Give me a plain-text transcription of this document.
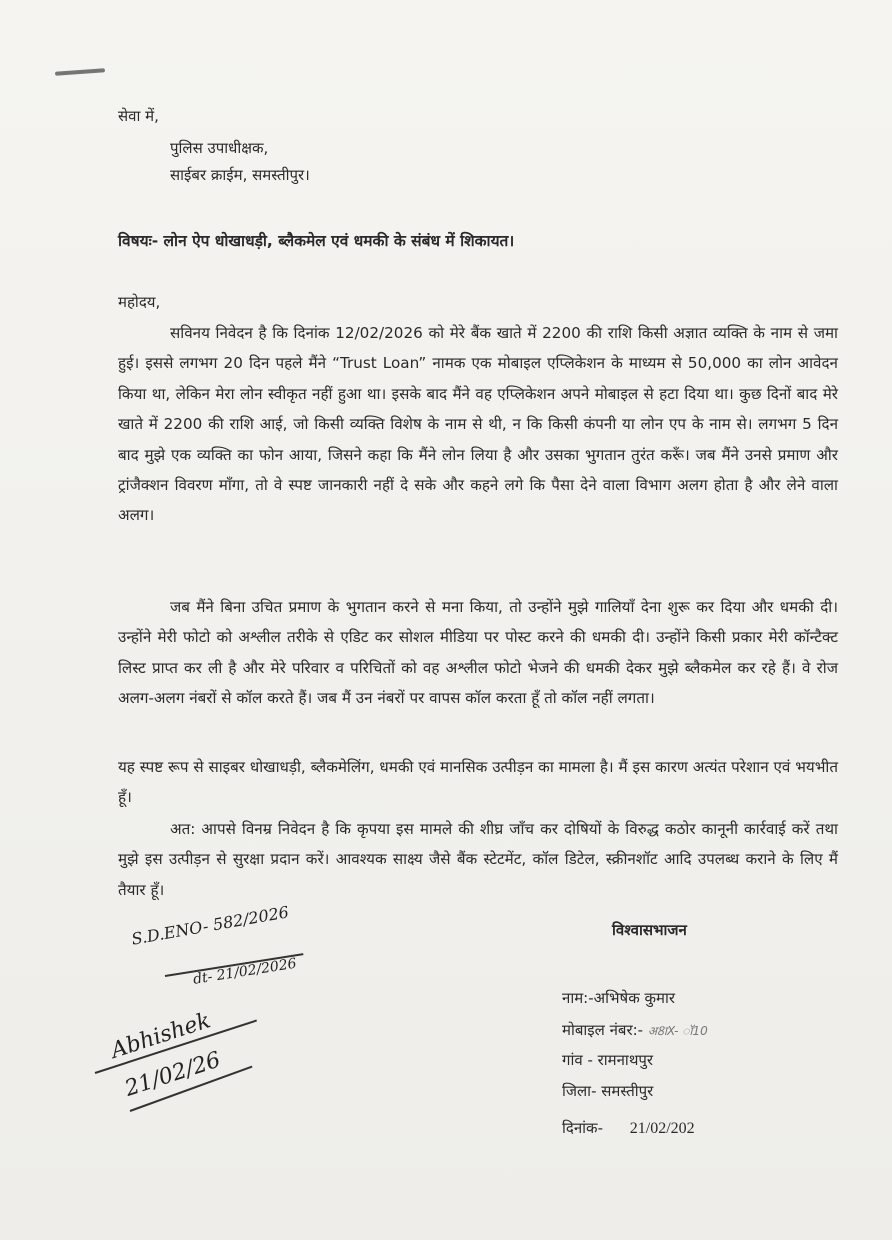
सेवा में,
पुलिस उपाधीक्षक,
साईबर क्राईम, समस्तीपुर।
विषयः- लोन ऐप धोखाधड़ी, ब्लैकमेल एवं धमकी के संबंध में शिकायत।
महोदय,
सविनय निवेदन है कि दिनांक 12/02/2026 को मेरे बैंक खाते में 2200 की राशि किसी अज्ञात व्यक्ति के नाम से जमा हुई। इससे लगभग 20 दिन पहले मैंने “Trust Loan” नामक एक मोबाइल एप्लिकेशन के माध्यम से 50,000 का लोन आवेदन किया था, लेकिन मेरा लोन स्वीकृत नहीं हुआ था। इसके बाद मैंने वह एप्लिकेशन अपने मोबाइल से हटा दिया था। कुछ दिनों बाद मेरे खाते में 2200 की राशि आई, जो किसी व्यक्ति विशेष के नाम से थी, न कि किसी कंपनी या लोन एप के नाम से। लगभग 5 दिन बाद मुझे एक व्यक्ति का फोन आया, जिसने कहा कि मैंने लोन लिया है और उसका भुगतान तुरंत करूँ। जब मैंने उनसे प्रमाण और ट्रांजैक्शन विवरण माँगा, तो वे स्पष्ट जानकारी नहीं दे सके और कहने लगे कि पैसा देने वाला विभाग अलग होता है और लेने वाला अलग।
जब मैंने बिना उचित प्रमाण के भुगतान करने से मना किया, तो उन्होंने मुझे गालियाँ देना शुरू कर दिया और धमकी दी। उन्होंने मेरी फोटो को अश्लील तरीके से एडिट कर सोशल मीडिया पर पोस्ट करने की धमकी दी। उन्होंने किसी प्रकार मेरी कॉन्टैक्ट लिस्ट प्राप्त कर ली है और मेरे परिवार व परिचितों को वह अश्लील फोटो भेजने की धमकी देकर मुझे ब्लैकमेल कर रहे हैं। वे रोज अलग-अलग नंबरों से कॉल करते हैं। जब मैं उन नंबरों पर वापस कॉल करता हूँ तो कॉल नहीं लगता।
यह स्पष्ट रूप से साइबर धोखाधड़ी, ब्लैकमेलिंग, धमकी एवं मानसिक उत्पीड़न का मामला है। मैं इस कारण अत्यंत परेशान एवं भयभीत हूँ।
अत: आपसे विनम्र निवेदन है कि कृपया इस मामले की शीघ्र जाँच कर दोषियों के विरुद्ध कठोर कानूनी कार्रवाई करें तथा मुझे इस उत्पीड़न से सुरक्षा प्रदान करें। आवश्यक साक्ष्य जैसे बैंक स्टेटमेंट, कॉल डिटेल, स्क्रीनशॉट आदि उपलब्ध कराने के लिए मैं तैयार हूँ।
विश्वासभाजन
नाम:-अभिषेक कुमार
मोबाइल नंबर:- अ8ाX- ॉ10
गांव - रामनाथपुर
जिला- समस्तीपुर
दिनांक- 21/02/202
S.D.ENO- 582/2026
dt- 21/02/2026
Abhishek
21/02/26
